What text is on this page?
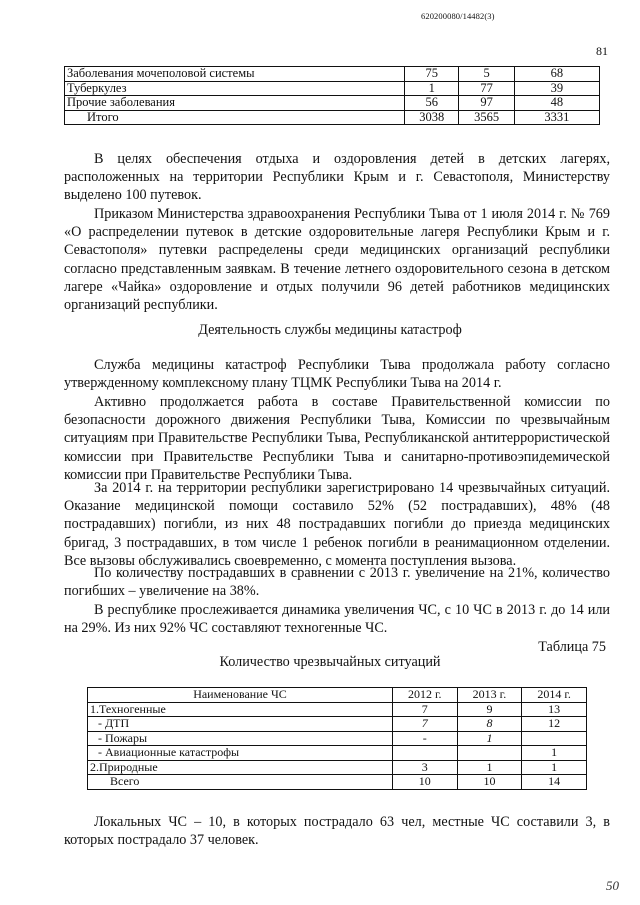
620200080/14482(3)
81
Заболевания мочеполовой системы	75	5	68
Туберкулез	1	77	39
Прочие заболевания	56	97	48
Итого	3038	3565	3331

В целях обеспечения отдыха и оздоровления детей в детских лагерях, расположенных на территории Республики Крым и г. Севастополя, Министерству выделено 100 путевок.

Приказом Министерства здравоохранения Республики Тыва от 1 июля 2014 г. № 769 «О распределении путевок в детские оздоровительные лагеря Республики Крым и г. Севастополя» путевки распределены среди медицинских организаций республики согласно представленным заявкам. В течение летнего оздоровительного сезона в детском лагере «Чайка» оздоровление и отдых получили 96 детей работников медицинских организаций республики.

Деятельность службы медицины катастроф

Служба медицины катастроф Республики Тыва продолжала работу согласно утвержденному комплексному плану ТЦМК Республики Тыва на 2014 г.

Активно продолжается работа в составе Правительственной комиссии по безопасности дорожного движения Республики Тыва, Комиссии по чрезвычайным ситуациям при Правительстве Республики Тыва, Республиканской антитеррористической комиссии при Правительстве Республики Тыва и санитарно-противоэпидемической комиссии при Правительстве Республики Тыва.

За 2014 г. на территории республики зарегистрировано 14 чрезвычайных ситуаций. Оказание медицинской помощи составило 52% (52 пострадавших), 48% (48 пострадавших) погибли, из них 48 пострадавших погибли до приезда медицинских бригад, 3 пострадавших, в том числе 1 ребенок погибли в реанимационном отделении. Все вызовы обслуживались своевременно, с момента поступления вызова.

По количеству пострадавших в сравнении с 2013 г. увеличение на 21%, количество погибших – увеличение на 38%.

В республике прослеживается динамика увеличения ЧС, с 10 ЧС в 2013 г. до 14 или на 29%. Из них 92% ЧС составляют техногенные ЧС.

Таблица 75

Количество чрезвычайных ситуаций

Наименование ЧС	2012 г.	2013 г.	2014 г.
1.Техногенные	7	9	13
- ДТП	7	8	12
- Пожары	-	1	
- Авиационные катастрофы			1
2.Природные	3	1	1
Всего	10	10	14

Локальных ЧС – 10, в которых пострадало 63 чел, местные ЧС составили 3, в которых пострадало 37 человек.

50
